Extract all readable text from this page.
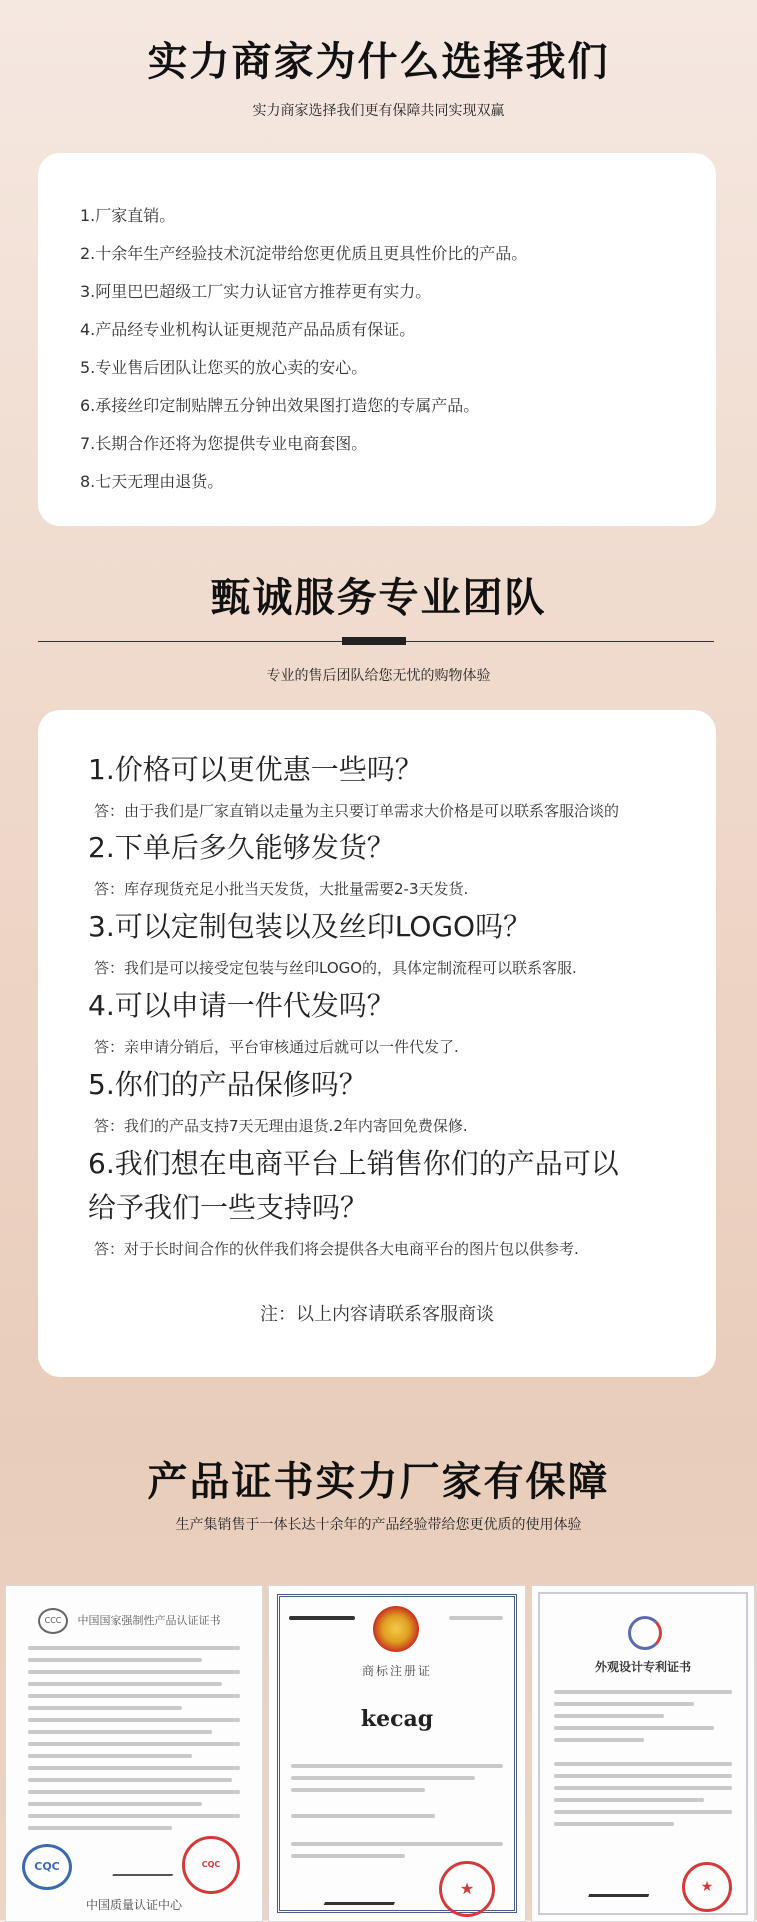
实力商家为什么选择我们
实力商家选择我们更有保障共同实现双赢
1.厂家直销。
2.十余年生产经验技术沉淀带给您更优质且更具性价比的产品。
3.阿里巴巴超级工厂实力认证官方推荐更有实力。
4.产品经专业机构认证更规范产品品质有保证。
5.专业售后团队让您买的放心卖的安心。
6.承接丝印定制贴牌五分钟出效果图打造您的专属产品。
7.长期合作还将为您提供专业电商套图。
8.七天无理由退货。
甄诚服务专业团队
专业的售后团队给您无忧的购物体验
1.价格可以更优惠一些吗？
答：由于我们是厂家直销以走量为主只要订单需求大价格是可以联系客服洽谈的
2.下单后多久能够发货？
答：库存现货充足小批当天发货，大批量需要2-3天发货.
3.可以定制包装以及丝印LOGO吗？
答：我们是可以接受定包装与丝印LOGO的，具体定制流程可以联系客服.
4.可以申请一件代发吗？
答：亲申请分销后，平台审核通过后就可以一件代发了.
5.你们的产品保修吗？
答：我们的产品支持7天无理由退货.2年内寄回免费保修.
6.我们想在电商平台上销售你们的产品可以
给予我们一些支持吗？
答：对于长时间合作的伙伴我们将会提供各大电商平台的图片包以供参考.
注：以上内容请联系客服商谈
产品证书实力厂家有保障
生产集销售于一体长达十余年的产品经验带给您更优质的使用体验
CCC	中国国家强制性产品认证证书
CQC	CQC
中国质量认证中心
商标注册证
kecag
★
外观设计专利证书
★
